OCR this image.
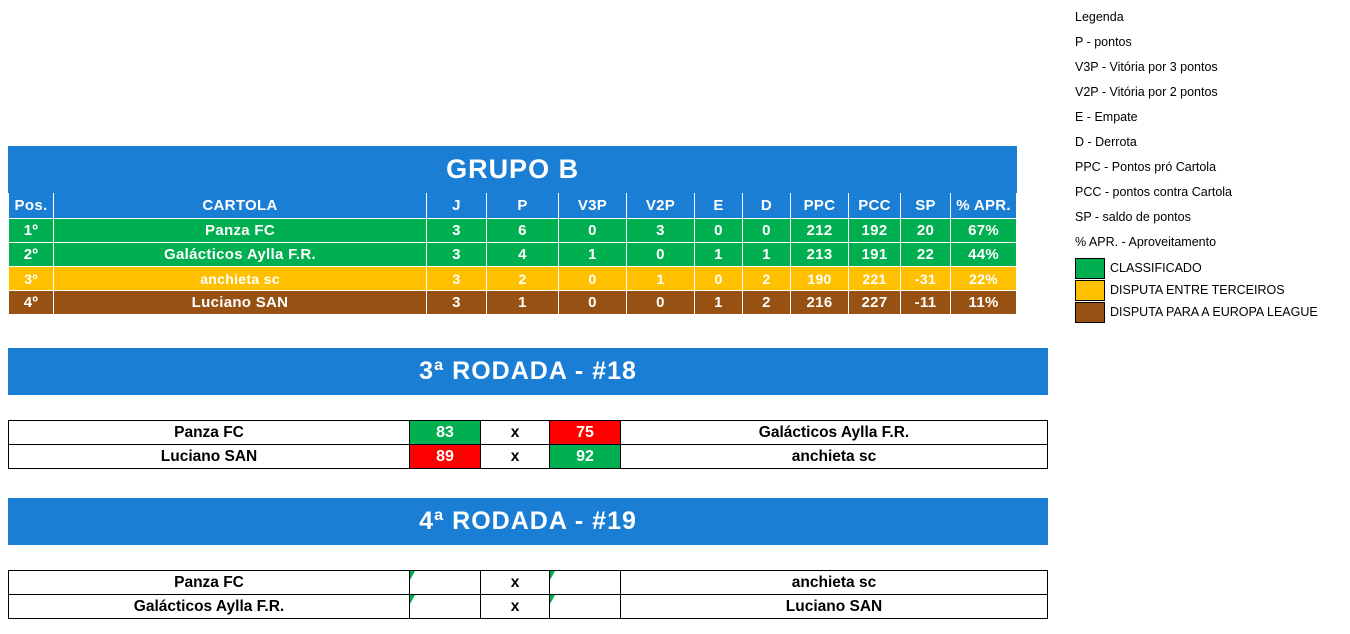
Legenda
P - pontos
V3P - Vitória por 3 pontos
V2P - Vitória por 2 pontos
E - Empate
D - Derrota
PPC - Pontos pró Cartola
PCC - pontos contra Cartola
SP - saldo de pontos
% APR. - Aproveitamento
CLASSIFICADO
DISPUTA ENTRE TERCEIROS
DISPUTA PARA A EUROPA LEAGUE
GRUPO B											
Pos.	CARTOLA	J	P	V3P	V2P	E	D	PPC	PCC	SP	% APR.
1º	Panza FC	3	6	0	3	0	0	212	192	20	67%
2º	Galácticos Aylla F.R.	3	4	1	0	1	1	213	191	22	44%
3º	anchieta sc	3	2	0	1	0	2	190	221	-31	22%
4º	Luciano SAN	3	1	0	0	1	2	216	227	-11	11%
3ª RODADA - #18
Panza FC	83	x	75	Galácticos Aylla F.R.
Luciano SAN	89	x	92	anchieta sc
4ª RODADA - #19
Panza FC		x		anchieta sc
Galácticos Aylla F.R.		x		Luciano SAN
